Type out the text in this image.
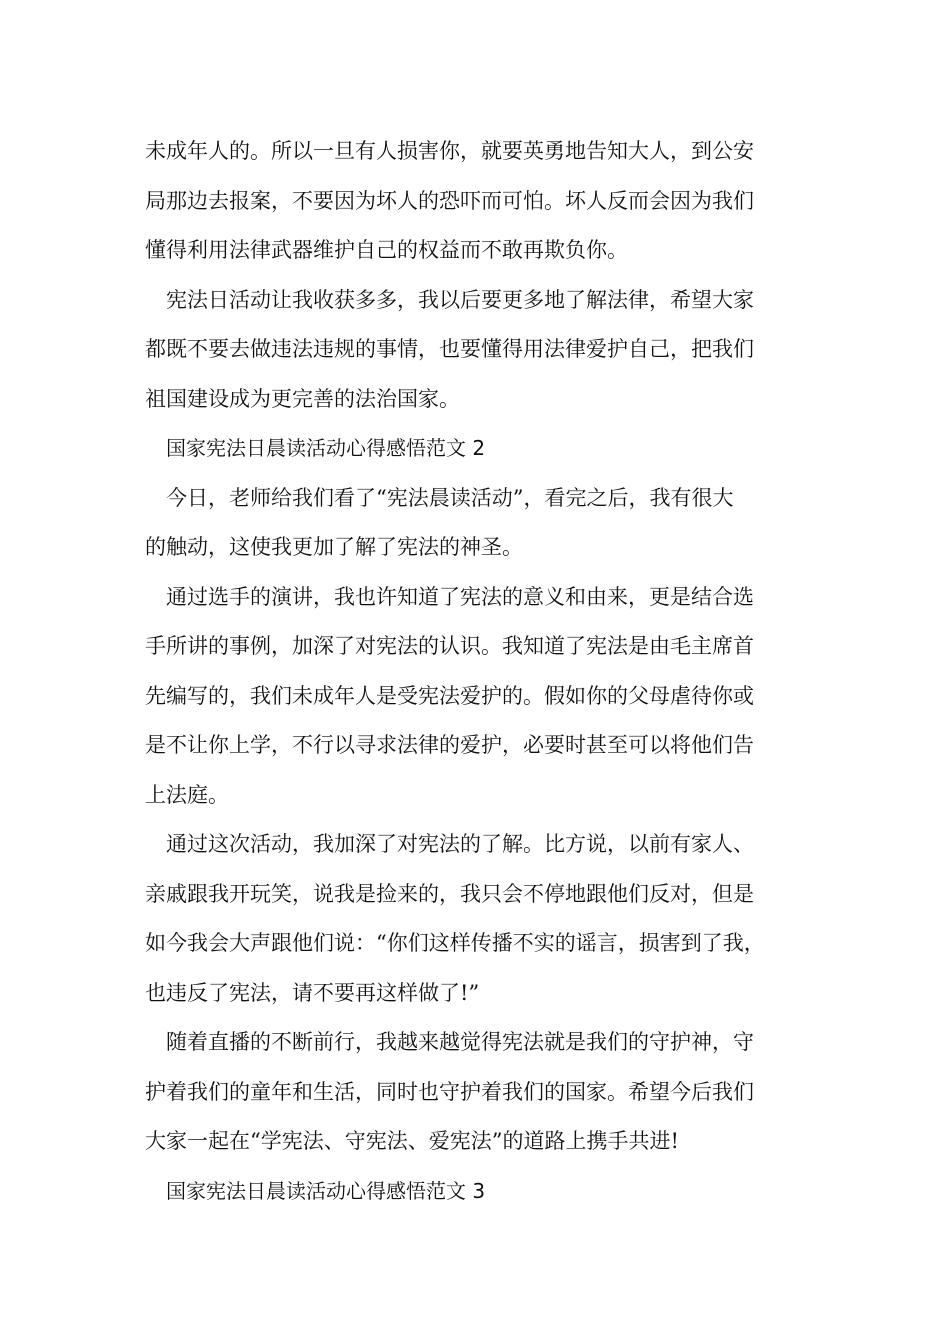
未成年人的。所以一旦有人损害你，就要英勇地告知大人，到公安
局那边去报案，不要因为坏人的恐吓而可怕。坏人反而会因为我们
懂得利用法律武器维护自己的权益而不敢再欺负你。
宪法日活动让我收获多多，我以后要更多地了解法律，希望大家
都既不要去做违法违规的事情，也要懂得用法律爱护自己，把我们
祖国建设成为更完善的法治国家。
国家宪法日晨读活动心得感悟范文 2
今日，老师给我们看了“宪法晨读活动”，看完之后，我有很大
的触动，这使我更加了解了宪法的神圣。
通过选手的演讲，我也许知道了宪法的意义和由来，更是结合选
手所讲的事例，加深了对宪法的认识。我知道了宪法是由毛主席首
先编写的，我们未成年人是受宪法爱护的。假如你的父母虐待你或
是不让你上学，不行以寻求法律的爱护，必要时甚至可以将他们告
上法庭。
通过这次活动，我加深了对宪法的了解。比方说，以前有家人、
亲戚跟我开玩笑，说我是捡来的，我只会不停地跟他们反对，但是
如今我会大声跟他们说：“你们这样传播不实的谣言，损害到了我，
也违反了宪法，请不要再这样做了!”
随着直播的不断前行，我越来越觉得宪法就是我们的守护神，守
护着我们的童年和生活，同时也守护着我们的国家。希望今后我们
大家一起在“学宪法、守宪法、爱宪法”的道路上携手共进!
国家宪法日晨读活动心得感悟范文 3
